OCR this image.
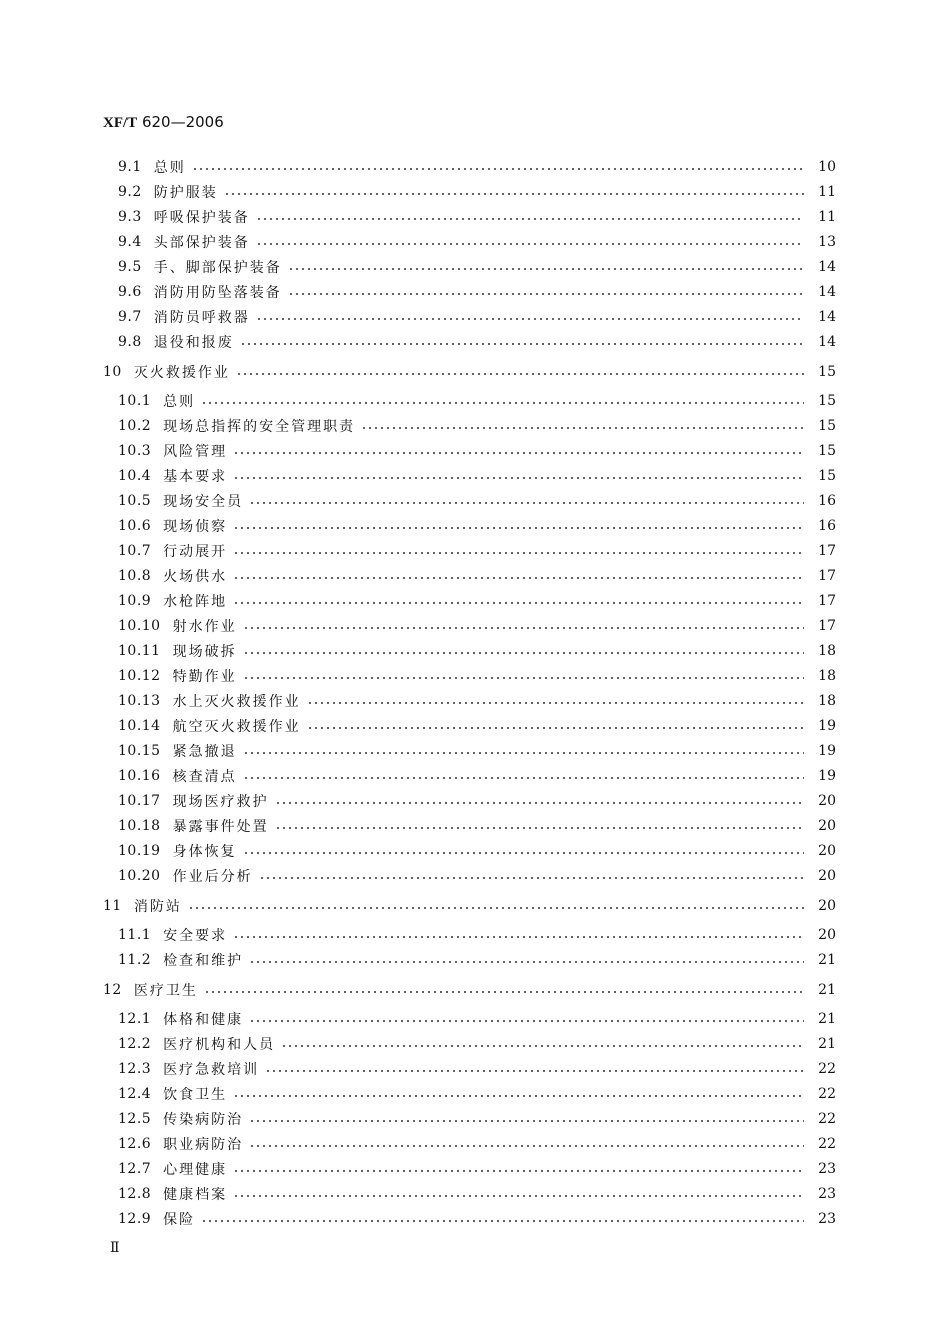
XF/T 620—2006
9.1 总则	10
9.2 防护服装	11
9.3 呼吸保护装备	11
9.4 头部保护装备	13
9.5 手、脚部保护装备	14
9.6 消防用防坠落装备	14
9.7 消防员呼救器	14
9.8 退役和报废	14
10 灭火救援作业	15
10.1 总则	15
10.2 现场总指挥的安全管理职责	15
10.3 风险管理	15
10.4 基本要求	15
10.5 现场安全员	16
10.6 现场侦察	16
10.7 行动展开	17
10.8 火场供水	17
10.9 水枪阵地	17
10.10 射水作业	17
10.11 现场破拆	18
10.12 特勤作业	18
10.13 水上灭火救援作业	18
10.14 航空灭火救援作业	19
10.15 紧急撤退	19
10.16 核查清点	19
10.17 现场医疗救护	20
10.18 暴露事件处置	20
10.19 身体恢复	20
10.20 作业后分析	20
11 消防站	20
11.1 安全要求	20
11.2 检查和维护	21
12 医疗卫生	21
12.1 体格和健康	21
12.2 医疗机构和人员	21
12.3 医疗急救培训	22
12.4 饮食卫生	22
12.5 传染病防治	22
12.6 职业病防治	22
12.7 心理健康	23
12.8 健康档案	23
12.9 保险	23
Ⅱ
